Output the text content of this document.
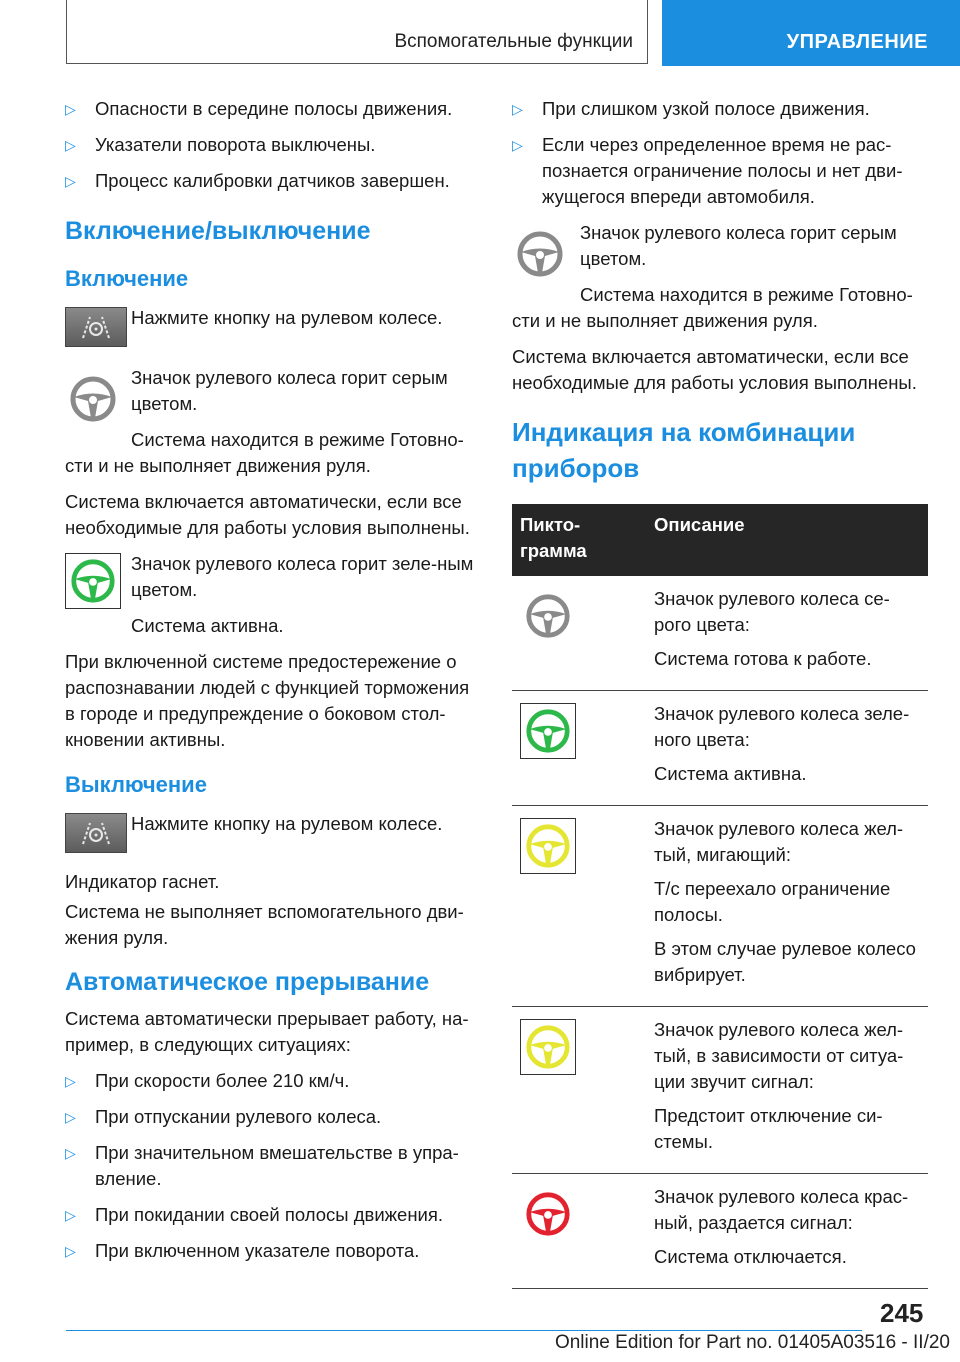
Вспомогательные функции	УПРАВЛЕНИЕ
▷ Опасности в середине полосы движения.
▷ Указатели поворота выключены.
▷ Процесс калибровки датчиков завершен.
Включение/выключение
Включение

Нажмите кнопку на рулевом колесе.

Значок рулевого колеса горит серым цветом.

Система находится в режиме Готовно-сти и не выполняет движения руля.

Система включается автоматически, если все необходимые для работы условия выполнены.

Значок рулевого колеса горит зеле-ным цветом.

Система активна.

При включенной системе предостережение о распознавании людей с функцией торможения в городе и предупреждение о боковом стол-кновении активны.

Выключение

Нажмите кнопку на рулевом колесе.

Индикатор гаснет.

Система не выполняет вспомогательного дви-жения руля.

Автоматическое прерывание

Система автоматически прерывает работу, на-пример, в следующих ситуациях:

▷ При скорости более 210 км/ч.
▷ При отпускании рулевого колеса.
▷ При значительном вмешательстве в упра-вление.
▷ При покидании своей полосы движения.
▷ При включенном указателе поворота.
▷ При слишком узкой полосе движения.
▷ Если через определенное время не рас-познается ограничение полосы и нет дви-жущегося впереди автомобиля.

Значок рулевого колеса горит серым цветом.

Система находится в режиме Готовно-сти и не выполняет движения руля.

Система включается автоматически, если все необходимые для работы условия выполнены.

Индикация на комбинации приборов
Пикто-грамма	Описание

Значок рулевого колеса се-рого цвета:

Система готова к работе.

Значок рулевого колеса зеле-ного цвета:

Система активна.

Значок рулевого колеса жел-тый, мигающий:

Т/с переехало ограничение полосы.

В этом случае рулевое колесо вибрирует.

Значок рулевого колеса жел-тый, в зависимости от ситуа-ции звучит сигнал:

Предстоит отключение си-стемы.

Значок рулевого колеса крас-ный, раздается сигнал:

Система отключается.

245
Online Edition for Part no. 01405A03516 - II/20
